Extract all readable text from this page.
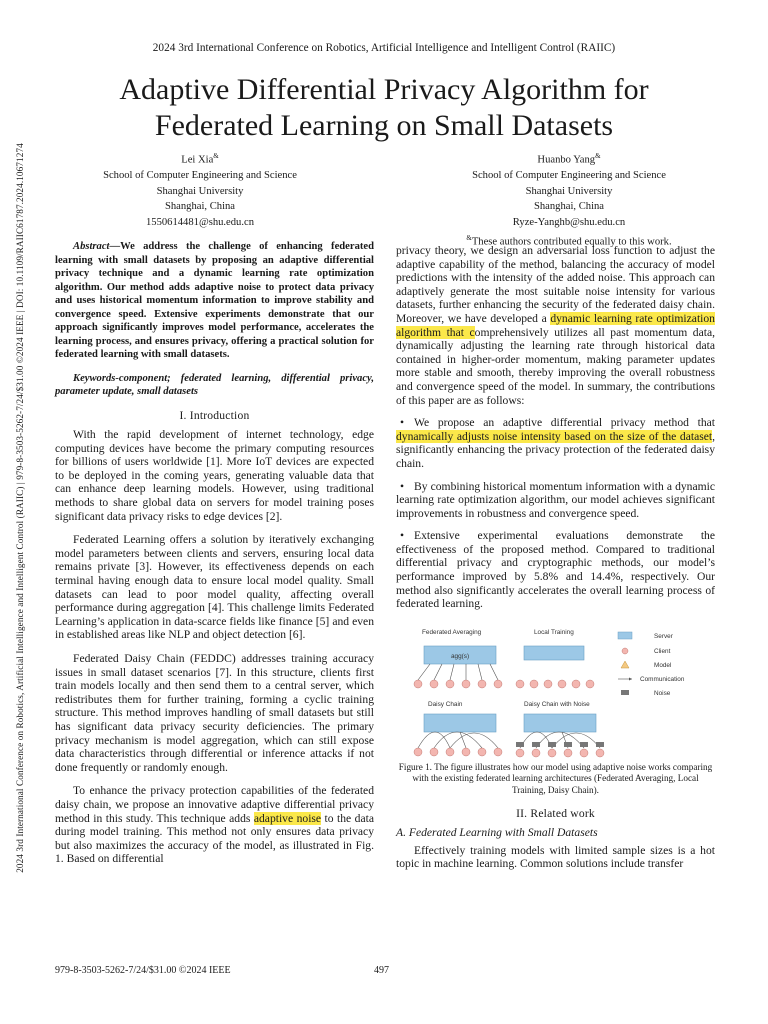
2024 3rd International Conference on Robotics, Artificial Intelligence and Intelligent Control (RAIIC) | 979-8-3503-5262-7/24/$31.00 ©2024 IEEE | DOI: 10.1109/RAIIC61787.2024.10671274
2024 3rd International Conference on Robotics, Artificial Intelligence and Intelligent Control (RAIIC)
Adaptive Differential Privacy Algorithm for
Federated Learning on Small Datasets
Lei Xia&
School of Computer Engineering and Science
Shanghai University
Shanghai, China
1550614481@shu.edu.cn
Huanbo Yang&
School of Computer Engineering and Science
Shanghai University
Shanghai, China
Ryze-Yanghb@shu.edu.cn
&These authors contributed equally to this work.

Abstract—We address the challenge of enhancing federated learning with small datasets by proposing an adaptive differential privacy technique and a dynamic learning rate optimization algorithm. Our method adds adaptive noise to protect data privacy and uses historical momentum information to improve stability and convergence speed. Extensive experiments demonstrate that our approach significantly improves model performance, accelerates the learning process, and ensures privacy, offering a practical solution for federated learning with small datasets.

Keywords-component; federated learning, differential privacy, parameter update, small datasets

I. Introduction

With the rapid development of internet technology, edge computing devices have become the primary computing resources for billions of users worldwide [1]. More IoT devices are expected to be deployed in the coming years, generating valuable data that can enhance deep learning models. However, using traditional methods to share global data on servers for model training poses significant data privacy risks to edge devices [2].

Federated Learning offers a solution by iteratively exchanging model parameters between clients and servers, ensuring local data remains private [3]. However, its effectiveness depends on each terminal having enough data to ensure local model quality. Small datasets can lead to poor model quality, affecting overall performance during aggregation [4]. This challenge limits Federated Learning’s application in data-scarce fields like finance [5] and even in established areas like NLP and object detection [6].

Federated Daisy Chain (FEDDC) addresses training accuracy issues in small dataset scenarios [7]. In this structure, clients first train models locally and then send them to a central server, which redistributes them for further training, forming a cyclic training structure. This method improves handling of small datasets but still has significant data privacy security deficiencies. The primary privacy mechanism is model aggregation, which can still expose data characteristics through differential or inference attacks if not done frequently or randomly enough.

To enhance the privacy protection capabilities of the federated daisy chain, we propose an innovative adaptive differential privacy method in this study. This technique adds adaptive noise to the data during model training. This method not only ensures data privacy but also maximizes the accuracy of the model, as illustrated in Fig. 1. Based on differential

privacy theory, we design an adversarial loss function to adjust the adaptive capability of the method, balancing the accuracy of model predictions with the intensity of the added noise. This approach can adaptively generate the most suitable noise intensity for various datasets, further enhancing the security of the federated daisy chain. Moreover, we have developed a dynamic learning rate optimization algorithm that comprehensively utilizes all past momentum data, dynamically adjusting the learning rate through historical data contained in higher-order momentum, making parameter updates more stable and smooth, thereby improving the overall robustness and convergence speed of the model. In summary, the contributions of this paper are as follows:

• We propose an adaptive differential privacy method that dynamically adjusts noise intensity based on the size of the dataset, significantly enhancing the privacy protection of the federated daisy chain.

• By combining historical momentum information with a dynamic learning rate optimization algorithm, our model achieves significant improvements in robustness and convergence speed.

• Extensive experimental evaluations demonstrate the effectiveness of the proposed method. Compared to traditional differential privacy and cryptographic methods, our model’s performance improved by 5.8% and 14.4%, respectively. Our method also significantly accelerates the overall learning process of federated learning.

Federated Averaging
agg(s)
Local Training
Daisy Chain	Daisy Chain with Noise
Server
Client
Model
Communication
Noise

Figure 1. The figure illustrates how our model using adaptive noise works comparing with the existing federated learning architectures (Federated Averaging, Local Training, Daisy Chain).

II. Related work
A. Federated Learning with Small Datasets

Effectively training models with limited sample sizes is a hot topic in machine learning. Common solutions include transfer

979-8-3503-5262-7/24/$31.00 ©2024 IEEE	497
